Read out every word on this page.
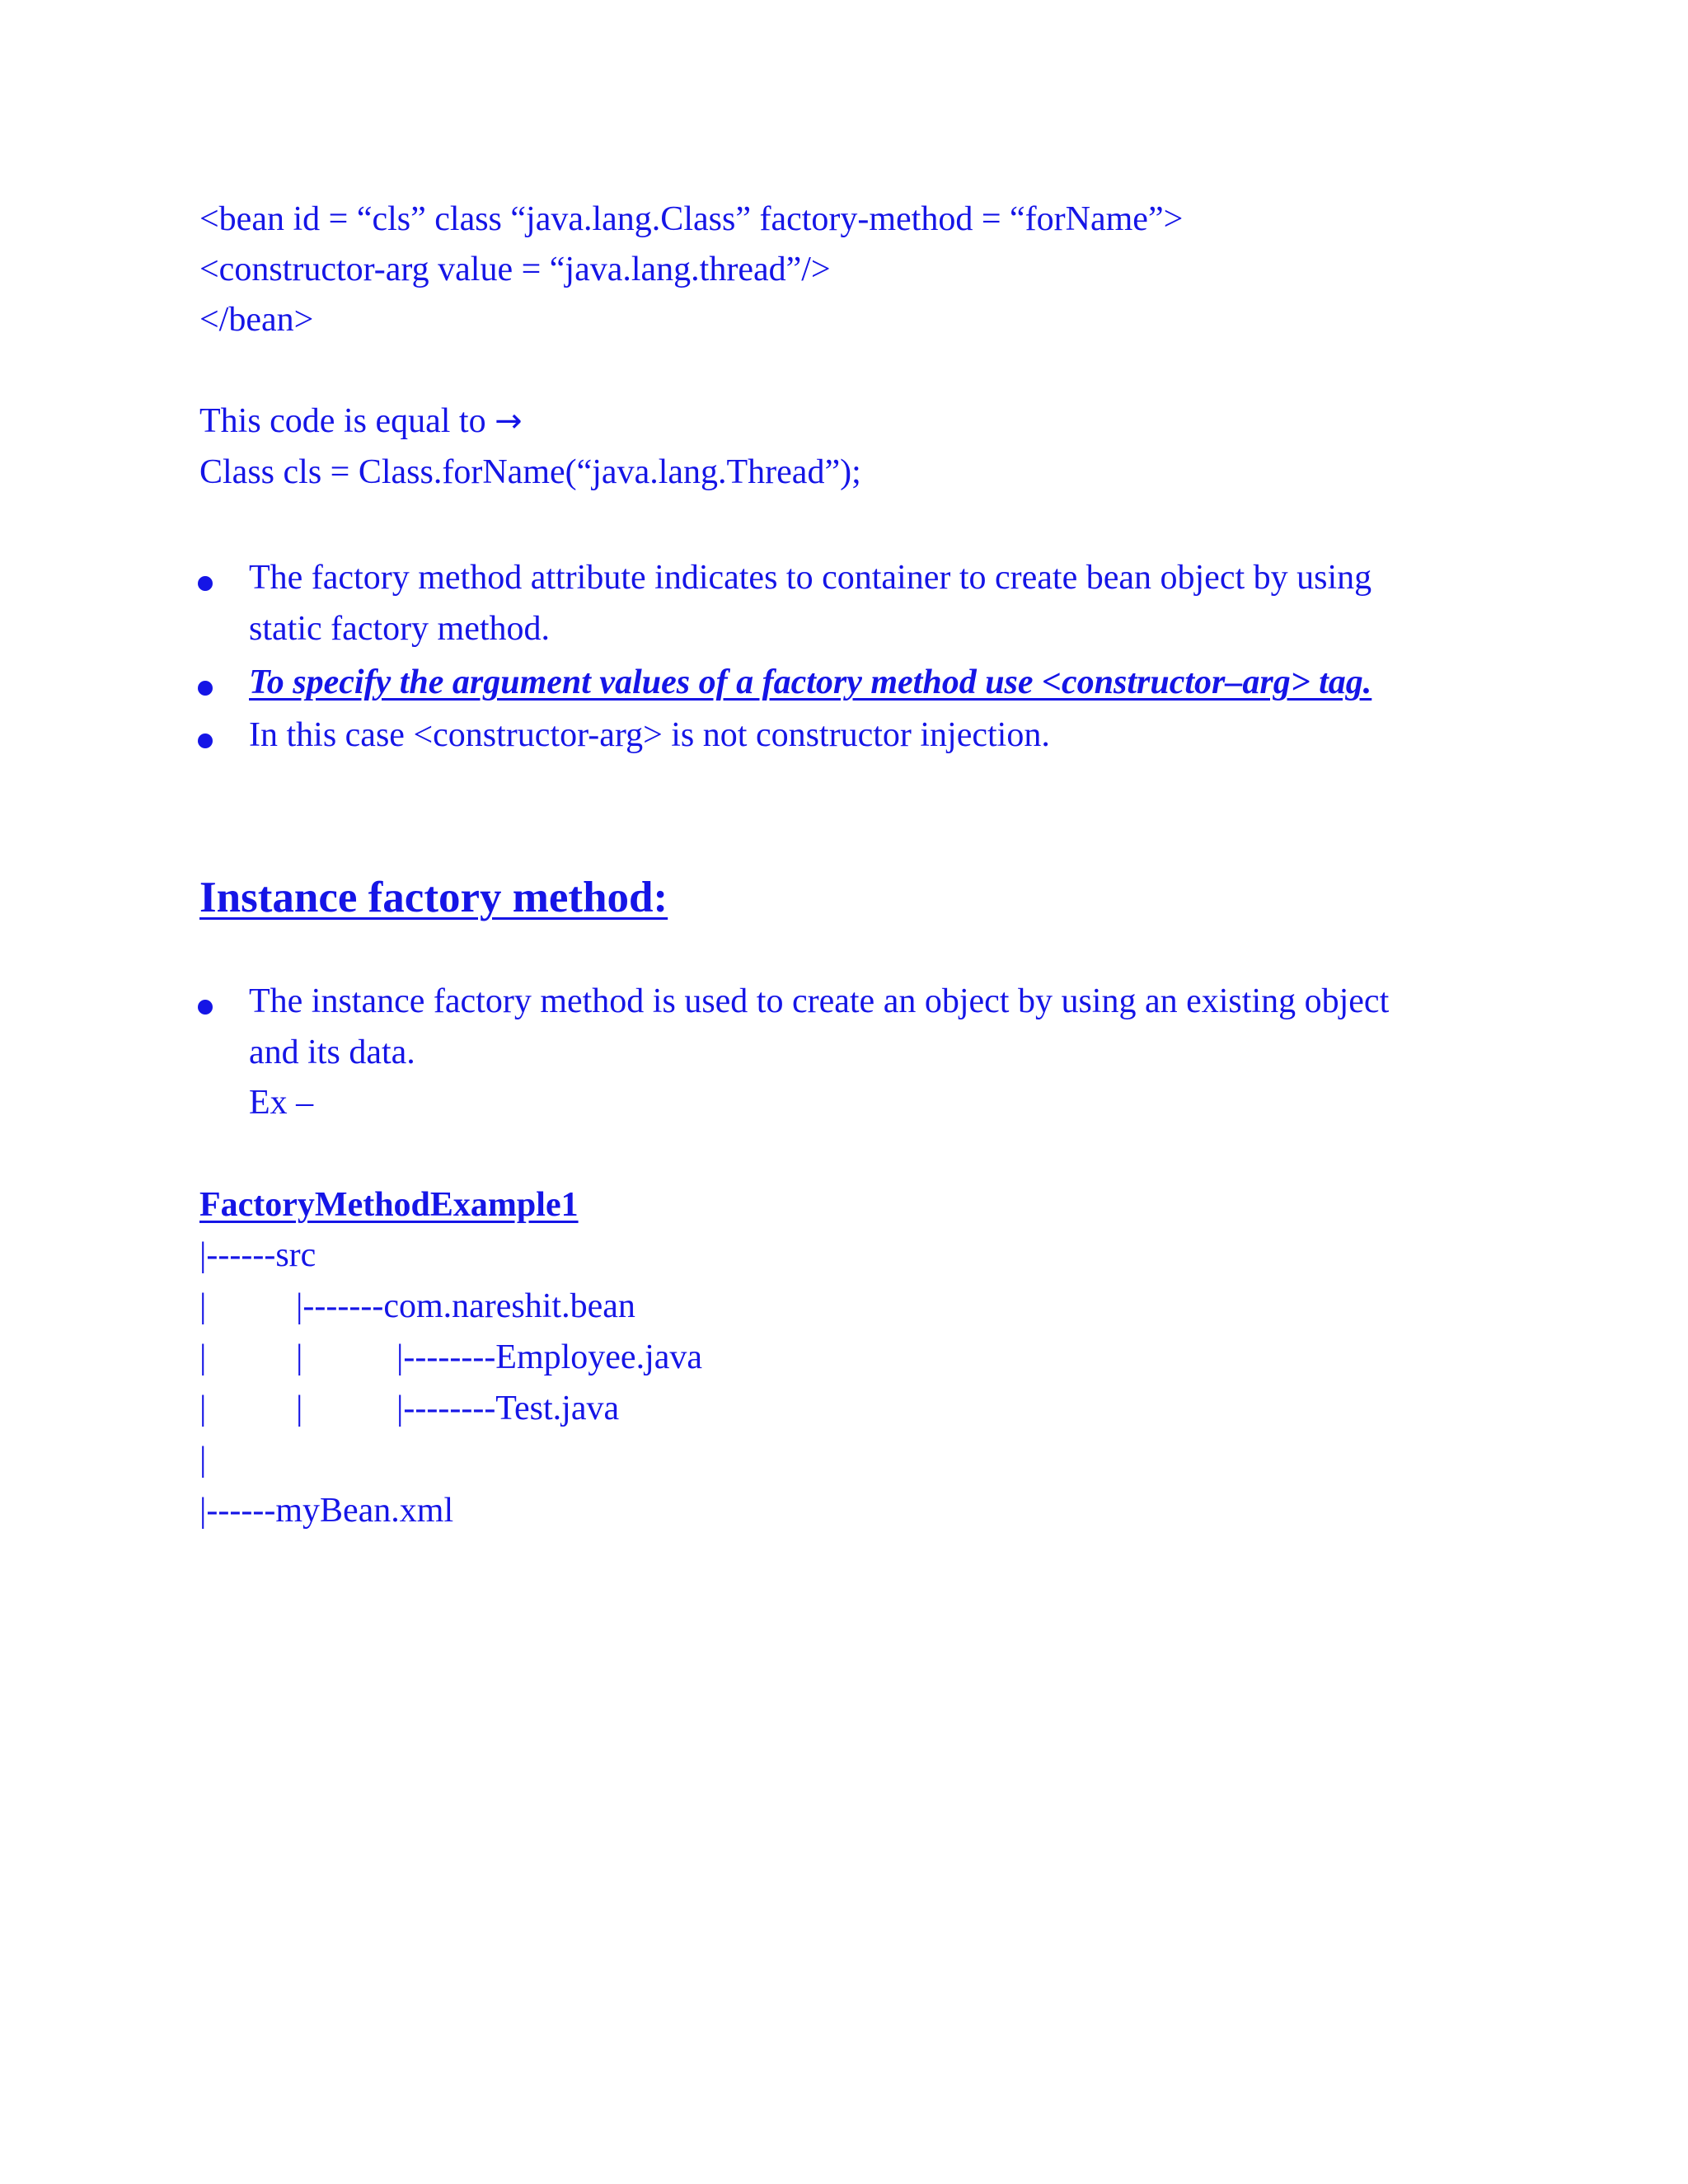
<bean id = “cls” class “java.lang.Class” factory-method = “forName”>
<constructor-arg value = “java.lang.thread”/>
</bean>
This code is equal to →
Class cls = Class.forName(“java.lang.Thread”);
The factory method attribute indicates to container to create bean object by using
static factory method.
To specify the argument values of a factory method use <constructor–arg> tag.
In this case <constructor-arg> is not constructor injection.
Instance factory method:
The instance factory method is used to create an object by using an existing object
and its data.
Ex –
FactoryMethodExample1
|------src
|	|-------com.nareshit.bean
|	|	|--------Employee.java
|	|	|--------Test.java
|
|------myBean.xml
